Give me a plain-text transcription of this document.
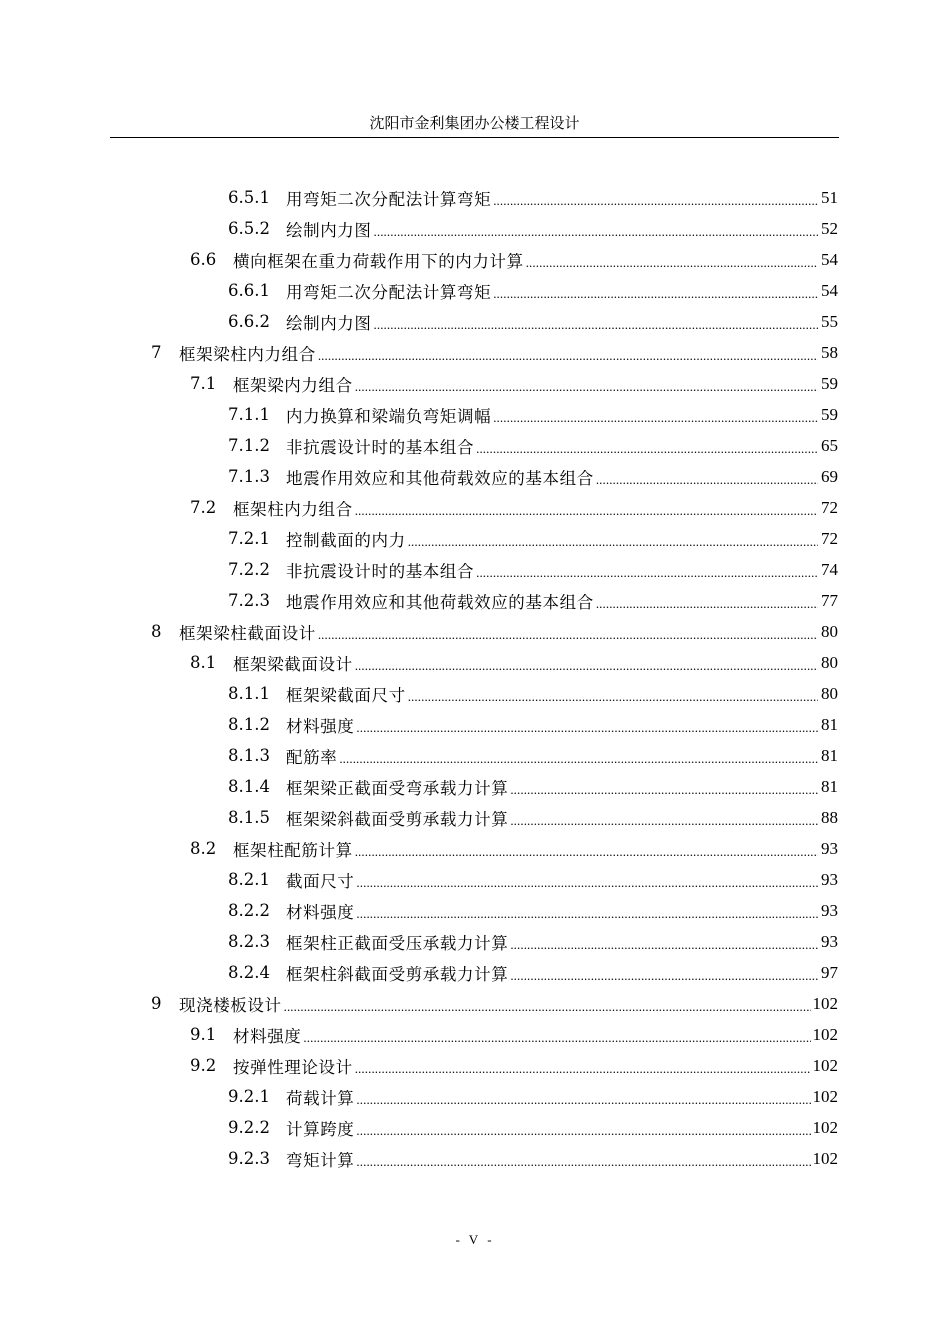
沈阳市金利集团办公楼工程设计
6.5.1 用弯矩二次分配法计算弯矩 .....	51
6.5.2 绘制内力图 .....	52
6.6	横向框架在重力荷载作用下的内力计算 .....	54
6.6.1 用弯矩二次分配法计算弯矩 .....	54
6.6.2 绘制内力图 .....	55
7	框架梁柱内力组合 .....	58
7.1	框架梁内力组合 .....	59
7.1.1 内力换算和梁端负弯矩调幅 .....	59
7.1.2 非抗震设计时的基本组合 .....	65
7.1.3 地震作用效应和其他荷载效应的基本组合 .....	69
7.2	框架柱内力组合 .....	72
7.2.1 控制截面的内力 .....	72
7.2.2 非抗震设计时的基本组合 .....	74
7.2.3 地震作用效应和其他荷载效应的基本组合 .....	77
8	框架梁柱截面设计 .....	80
8.1	框架梁截面设计 .....	80
8.1.1 框架梁截面尺寸 .....	80
8.1.2 材料强度 .....	81
8.1.3 配筋率 .....	81
8.1.4 框架梁正截面受弯承载力计算 .....	81
8.1.5 框架梁斜截面受剪承载力计算 .....	88
8.2	框架柱配筋计算 .....	93
8.2.1 截面尺寸 .....	93
8.2.2 材料强度 .....	93
8.2.3 框架柱正截面受压承载力计算 .....	93
8.2.4 框架柱斜截面受剪承载力计算 .....	97
9	现浇楼板设计 .....	102
9.1	材料强度 .....	102
9.2	按弹性理论设计 .....	102
9.2.1 荷载计算 .....	102
9.2.2 计算跨度 .....	102
9.2.3 弯矩计算 .....	102
- V -
